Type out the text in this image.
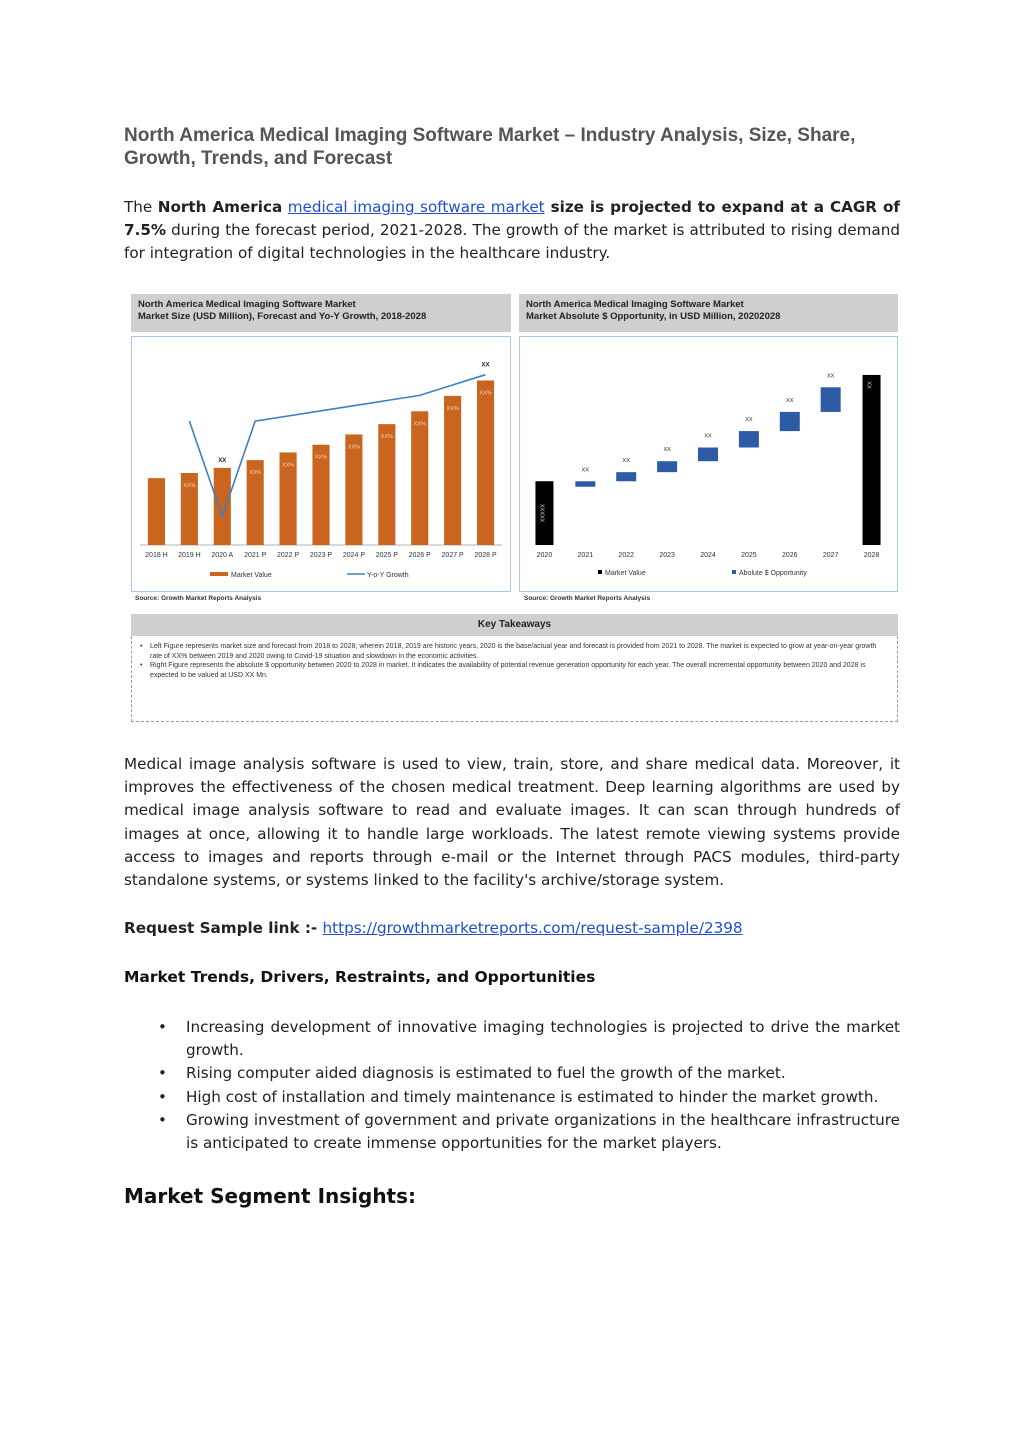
North America Medical Imaging Software Market – Industry Analysis, Size, Share, Growth, Trends, and Forecast

The North America medical imaging software market size is projected to expand at a CAGR of 7.5% during the forecast period, 2021-2028. The growth of the market is attributed to rising demand for integration of digital technologies in the healthcare industry.

Medical image analysis software is used to view, train, store, and share medical data. Moreover, it improves the effectiveness of the chosen medical treatment. Deep learning algorithms are used by medical image analysis software to read and evaluate images. It can scan through hundreds of images at once, allowing it to handle large workloads. The latest remote viewing systems provide access to images and reports through e-mail or the Internet through PACS modules, third-party standalone systems, or systems linked to the facility's archive/storage system.

Request Sample link :- https://growthmarketreports.com/request-sample/2398

Market Trends, Drivers, Restraints, and Opportunities
• Increasing development of innovative imaging technologies is projected to drive the market growth.
• Rising computer aided diagnosis is estimated to fuel the growth of the market.
• High cost of installation and timely maintenance is estimated to hinder the market growth.
• Growing investment of government and private organizations in the healthcare infrastructure is anticipated to create immense opportunities for the market players.
Market Segment Insights:
North America Medical Imaging Software Market
Market Size (USD Million), Forecast and Yo-Y Growth, 2018-2028
North America Medical Imaging Software Market
Market Absolute $ Opportunity, in USD Million, 20202028
2018 H 2019 H
XX%
2020 A
XX
2021 P
XX%
2022 P
XX%
2023 P
XX%
2024 P
XX%
2025 P
XX%
2026 P
XX%
2027 P
XX%
2028 P
XX%
XX
Market Value	Y-o-Y Growth
2020
XXXXX
2021
XX
2022
XX
2023
XX
2024
XX
2025
XX
2026
XX
2027
XX
2028
XX
Market Value	Abolute $ Opportunity
Source: Growth Market Reports Analysis	Source: Growth Market Reports Analysis
Key Takeaways
• Left Figure represents market size and forecast from 2018 to 2028; wherein 2018, 2019 are historic years, 2020 is the base/actual year and forecast is provided from 2021 to 2028. The market is expected to grow at year-on-year growth rate of XX% between 2019 and 2020 owing to Covid-19 situation and slowdown in the economic activities.
• Right Figure represents the absolute $ opportunity between 2020 to 2028 in market. It indicates the availability of potential revenue generation opportunity for each year. The overall incremental opportunity between 2020 and 2028 is expected to be valued at USD XX Mn.
